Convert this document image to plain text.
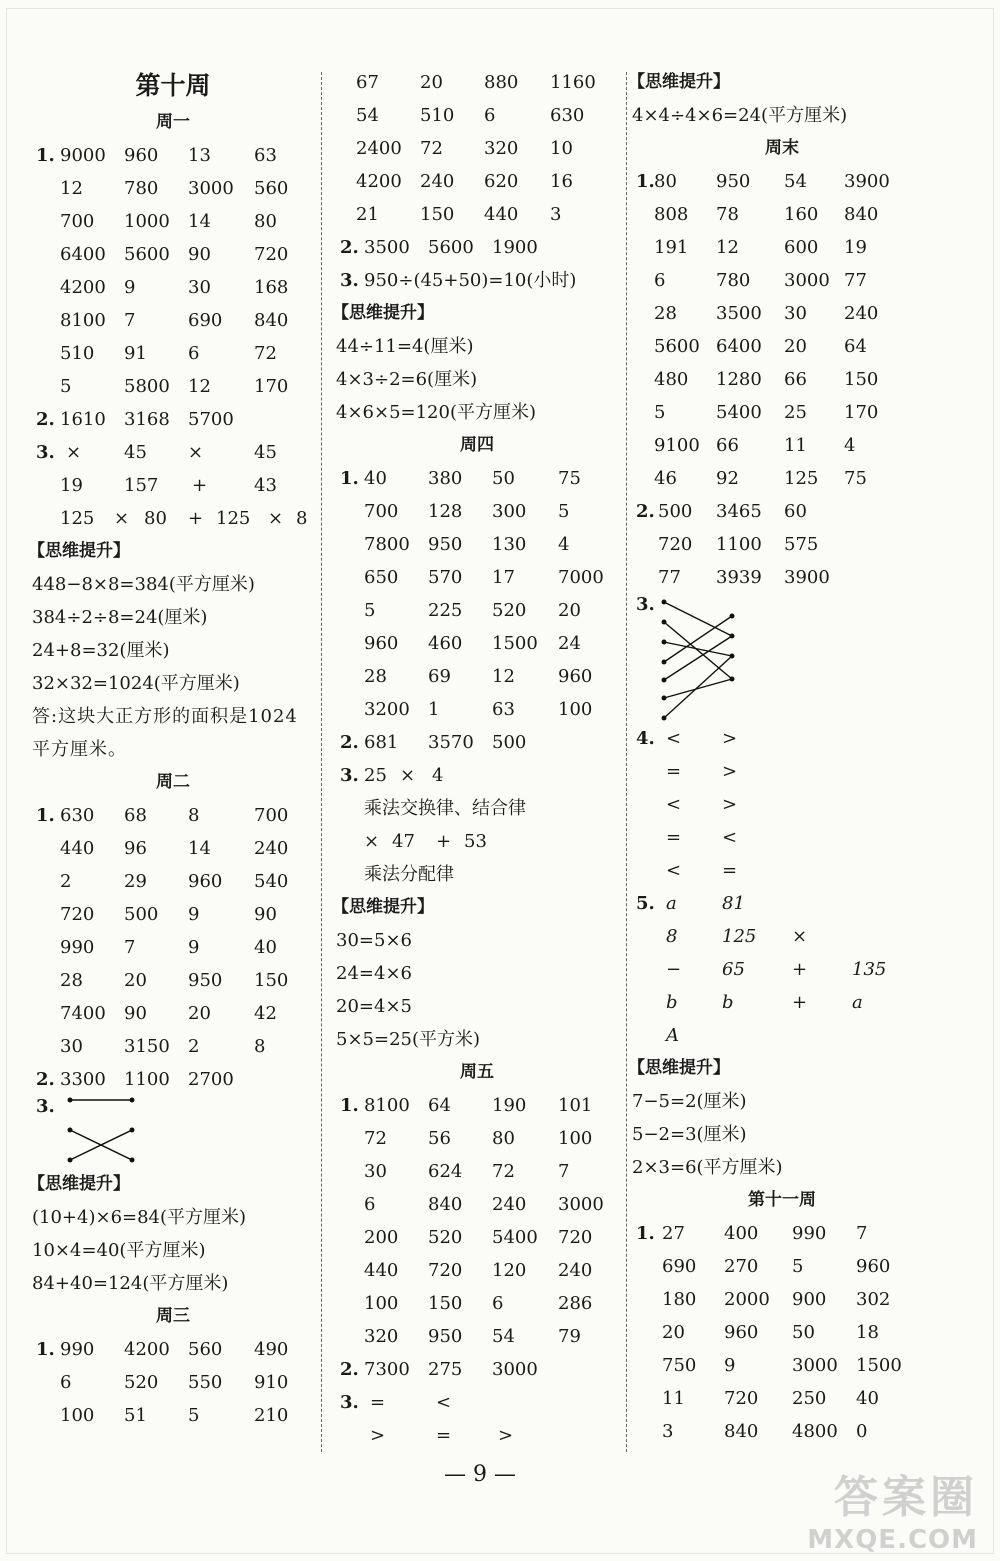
第十周
周一
1. 9000 960 13 63
12 780 3000 560
700 1000 14 80
6400 5600 90 720
4200 9	30 168
8100 7	690 840
510 91 6	72
5	5800 12 170
2. 1610 3168 5700
3. × 45 ×	45
19 157 +	43
125 × 80 + 125 × 8
【思维提升】
448−8×8=384(平方厘米)
384÷2÷8=24(厘米)
24+8=32(厘米)
32×32=1024(平方厘米)
答:这块大正方形的面积是1024平方厘米。
周二
1. 630 68 8	700
440 96 14 240
2	29 960 540
720 500 9	90
990 7	9	40
28 20 950 150
7400 90 20 42
30 3150 2	8
2. 3300 1100 2700
3.
【思维提升】
(10+4)×6=84(平方厘米)
10×4=40(平方厘米)
84+40=124(平方厘米)
周三
1. 990 4200 560 490
6	520 550 910
100 51 5	210
67 20 880 1160
54 510 6	630
2400 72 320 10
4200 240 620 16
21 150 440 3
2. 3500 5600 1900
3. 950÷(45+50)=10(小时)
【思维提升】
44÷11=4(厘米)
4×3÷2=6(厘米)
4×6×5=120(平方厘米)
周四
1. 40 380 50 75
700 128 300 5
7800 950 130 4
650 570 17 7000
5	225 520 20
960 460 1500 24
28 69 12 960
3200 1	63 100
2. 681 3570 500
3. 25 × 4
乘法交换律、结合律
× 47 + 53
乘法分配律
【思维提升】
30=5×6
24=4×6
20=4×5
5×5=25(平方米)
周五
1. 8100 64 190 101
72 56 80 100
30 624 72 7
6	840 240 3000
200 520 5400 720
440 720 120 240
100 150 6	286
320 950 54 79
2. 7300 275 3000
3. =	<
>	=	>
【思维提升】
4×4÷4×6=24(平方厘米)
周末
1. 80 950 54 3900
808 78	160 840
191 12	600 19
6	780 3000 77
28 3500 30 240
5600 6400 20 64
480 1280 66 150
5	5400 25 170
9100 66	11 4
46 92	125 75
2. 500 3465 60
720 1100 575
77 3939 3900
3.
4. < >
= >
< >
= <
< =
5. a	81
8 125 ×
− 65	+ 135
b b	+ a
A
【思维提升】
7−5=2(厘米)
5−2=3(厘米)
2×3=6(平方厘米)
第十一周
1. 27 400 990 7
690 270 5	960
180 2000 900 302
20 960 50 18
750 9	3000 1500
11 720 250 40
3	840 4800 0
— 9 —	答案圈
MXQE.COM
